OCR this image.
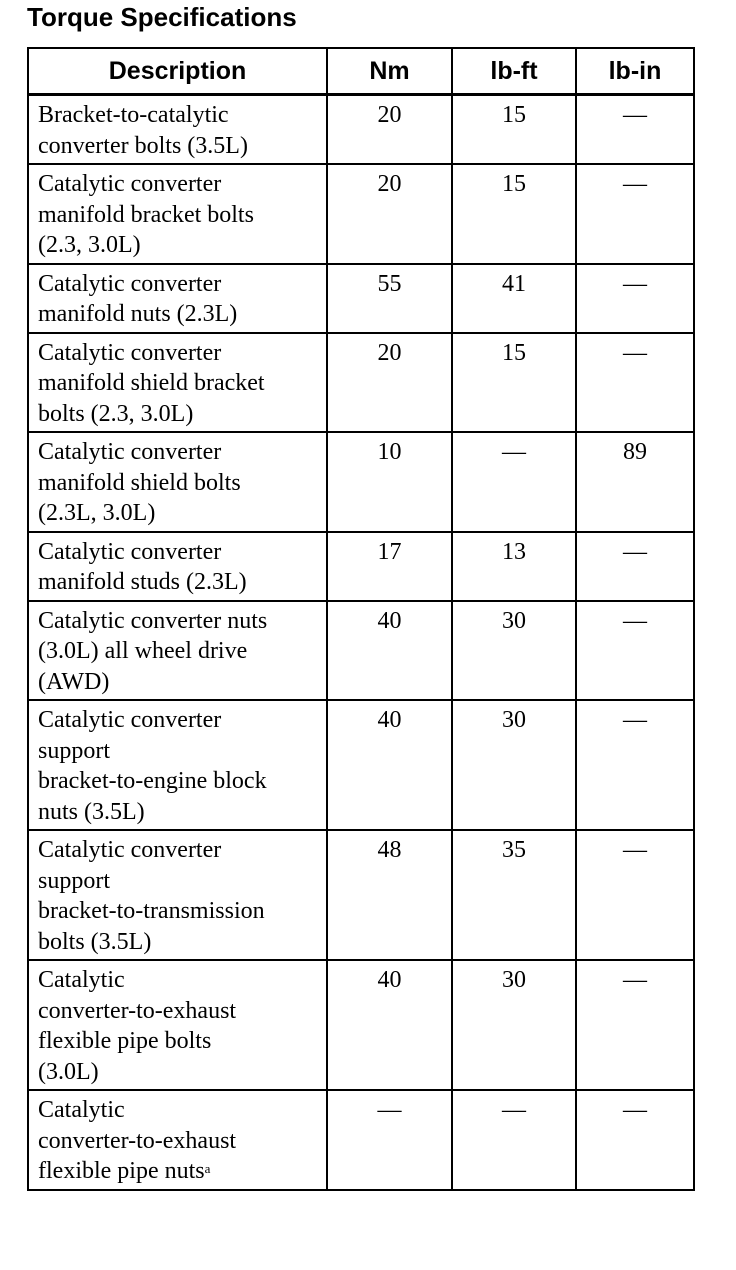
Torque Specifications
Description	Nm	lb-ft	lb-in

Bracket-to-catalytic
converter bolts (3.5L)	20	15	—

Catalytic converter
manifold bracket bolts
(2.3, 3.0L)	20	15	—

Catalytic converter
manifold nuts (2.3L)	55	41	—

Catalytic converter
manifold shield bracket
bolts (2.3, 3.0L)	20	15	—

Catalytic converter
manifold shield bolts
(2.3L, 3.0L)	10	—	89

Catalytic converter
manifold studs (2.3L)	17	13	—

Catalytic converter nuts
(3.0L) all wheel drive
(AWD)	40	30	—

Catalytic converter
support
bracket-to-engine block
nuts (3.5L)	40	30	—

Catalytic converter
support
bracket-to-transmission
bolts (3.5L)	48	35	—

Catalytic
converter-to-exhaust
flexible pipe bolts
(3.0L)	40	30	—

Catalytic
converter-to-exhaust
flexible pipe nuts$^a$	—	—	—
